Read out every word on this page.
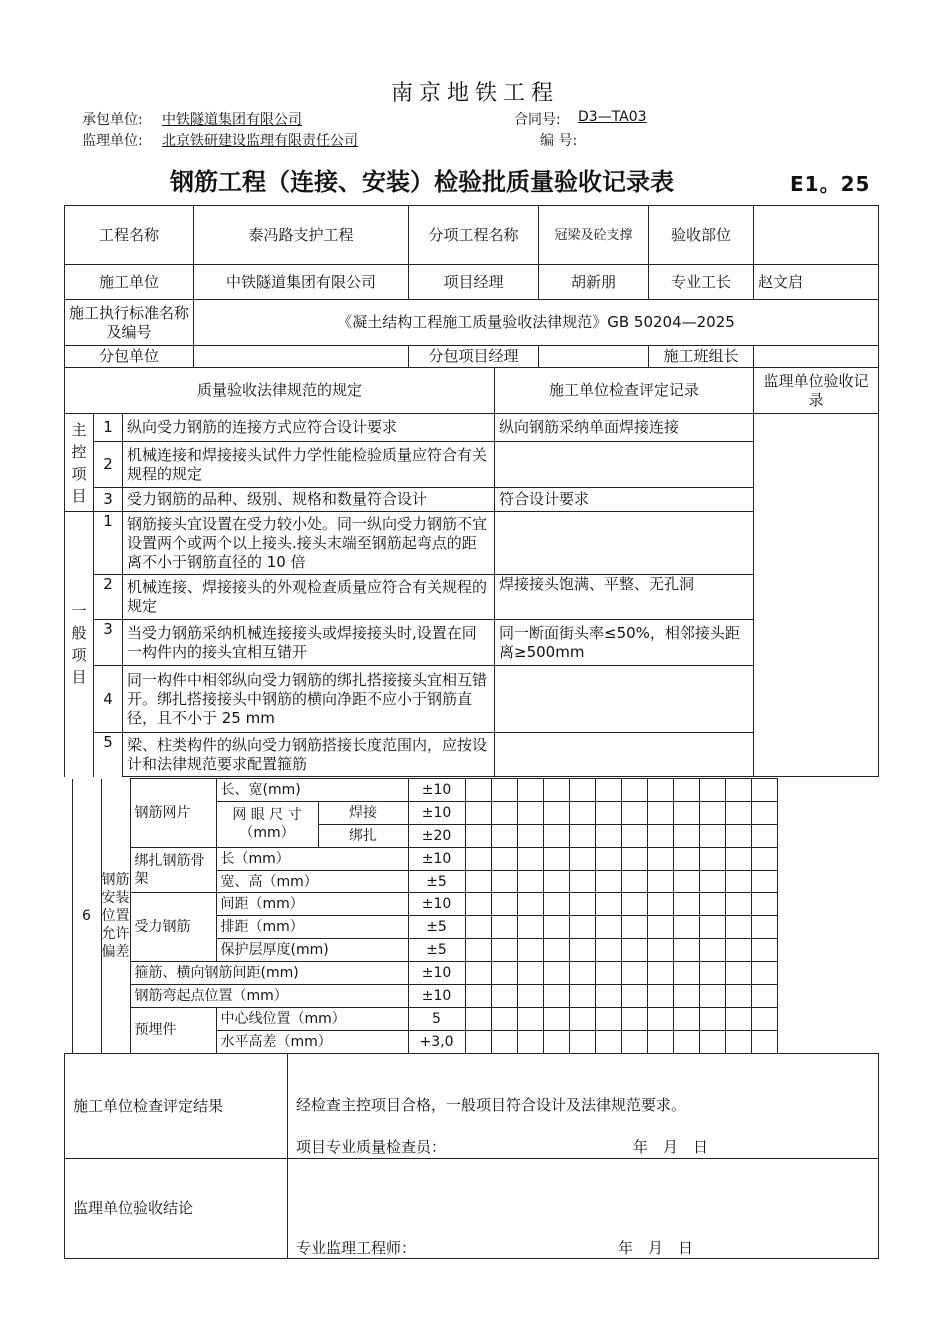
南京地铁工程
承包单位: 中铁隧道集团有限公司	合同号: D3—TA03
监理单位: 北京铁研建设监理有限责任公司	编 号:
钢筋工程（连接、安装）检验批质量验收记录表	E1。25
工程名称			泰冯路支护工程	分项工程名称		冠梁及砼支撑	验收部位		
施工单位			中铁隧道集团有限公司	项目经理		胡新朋	专业工长	赵文启	
施工执行标准名称及编号			《凝土结构工程施工质量验收法律规范》GB 50204—2025						
分包单位				分包项目经理			施工班组长		
质量验收法律规范的规定					施工单位检查评定记录			监理单位验收记录	
主控项目	1	纵向受力钢筋的连接方式应符合设计要求			纵向钢筋采纳单面焊接连接				
	2	机械连接和焊接接头试件力学性能检验质量应符合有关规程的规定							
	3	受力钢筋的品种、级别、规格和数量符合设计			符合设计要求				
一般项目	1	钢筋接头宜设置在受力较小处。同一纵向受力钢筋不宜设置两个或两个以上接头.接头末端至钢筋起弯点的距离不小于钢筋直径的 10 倍							
	2	机械连接、焊接接头的外观检查质量应符合有关规程的规定			焊接接头饱满、平整、无孔洞				
	3	当受力钢筋采纳机械连接接头或焊接接头时,设置在同一构件内的接头宜相互错开			同一断面街头率≤50%，相邻接头距离≥500mm				
	4	同一构件中相邻纵向受力钢筋的绑扎搭接接头宜相互错开。绑扎搭接接头中钢筋的横向净距不应小于钢筋直径，且不小于 25 mm							
	5	梁、柱类构件的纵向受力钢筋搭接长度范围内，应按设计和法律规范要求配置箍筋							
	6	钢筋安装位置允许偏差	钢筋网片	长、宽(mm)		±10												
				网 眼 尺 寸（mm）	焊接	±10												
					绑扎	±20												
			绑扎钢筋骨架	长（mm）		±10												
				宽、高（mm）		±5												
			受力钢筋	间距（mm）		±10												
				排距（mm）		±5												
				保护层厚度(mm)		±5												
			箍筋、横向钢筋间距(mm)			±10												
			钢筋弯起点位置（mm）			±10												
			预埋件	中心线位置（mm）		5												
				水平高差（mm）		+3,0												
施工单位检查评定结果	经检查主控项目合格，一般项目符合设计及法律规范要求。
项目专业质量检查员： 年　月　日

监理单位验收结论	专业监理工程师： 年　月　日
